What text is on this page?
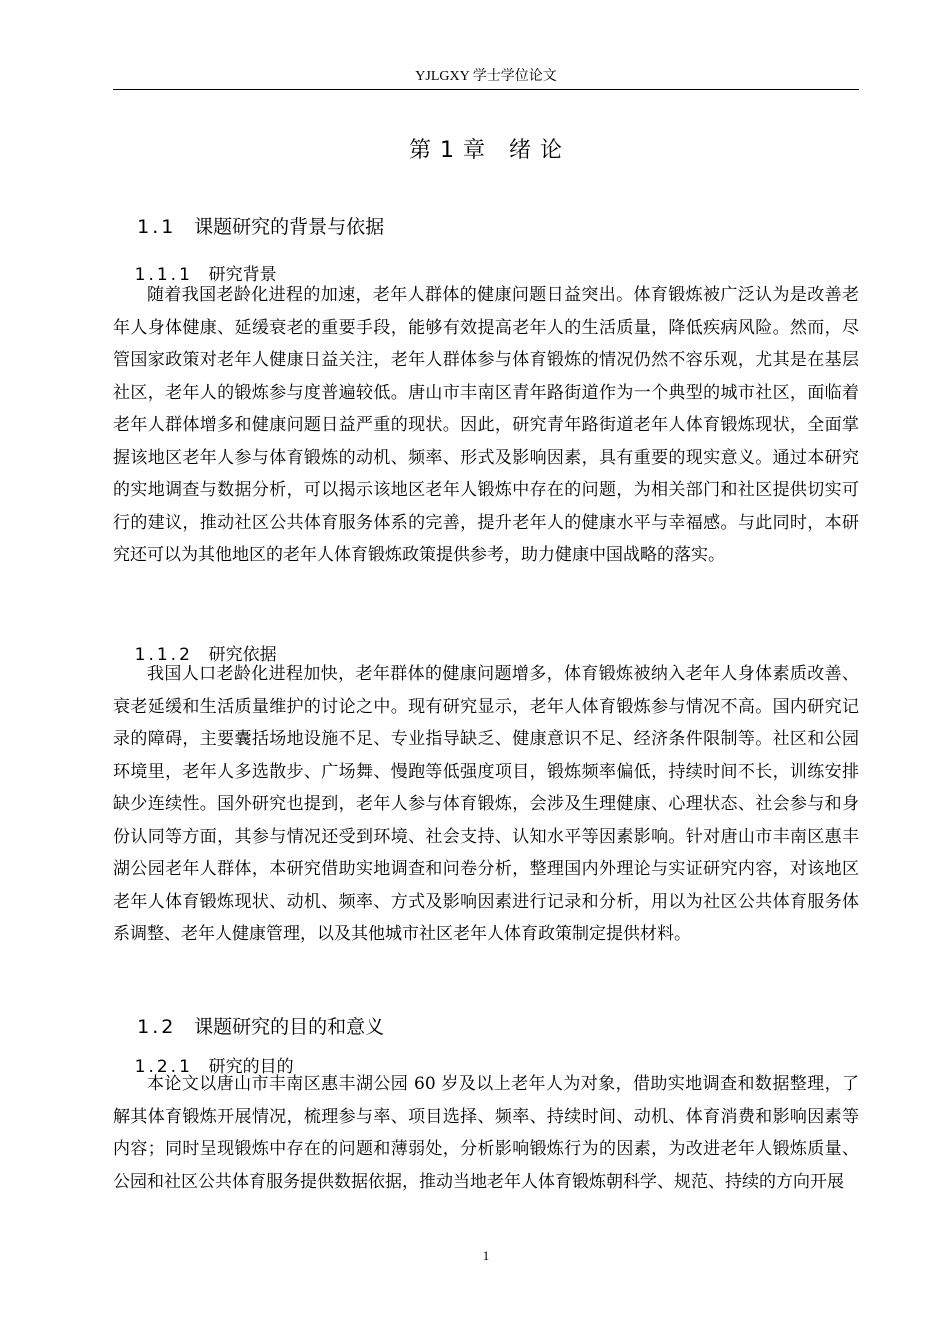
YJLGXY 学士学位论文
第 1 章　绪 论

1.1 课题研究的背景与依据

1.1.1 研究背景

随着我国老龄化进程的加速，老年人群体的健康问题日益突出。体育锻炼被广泛认为是改善老年人身体健康、延缓衰老的重要手段，能够有效提高老年人的生活质量，降低疾病风险。然而，尽管国家政策对老年人健康日益关注，老年人群体参与体育锻炼的情况仍然不容乐观，尤其是在基层社区，老年人的锻炼参与度普遍较低。唐山市丰南区青年路街道作为一个典型的城市社区，面临着老年人群体增多和健康问题日益严重的现状。因此，研究青年路街道老年人体育锻炼现状，全面掌握该地区老年人参与体育锻炼的动机、频率、形式及影响因素，具有重要的现实意义。通过本研究的实地调查与数据分析，可以揭示该地区老年人锻炼中存在的问题，为相关部门和社区提供切实可行的建议，推动社区公共体育服务体系的完善，提升老年人的健康水平与幸福感。与此同时，本研究还可以为其他地区的老年人体育锻炼政策提供参考，助力健康中国战略的落实。

1.1.2 研究依据

我国人口老龄化进程加快，老年群体的健康问题增多，体育锻炼被纳入老年人身体素质改善、衰老延缓和生活质量维护的讨论之中。现有研究显示，老年人体育锻炼参与情况不高。国内研究记录的障碍，主要囊括场地设施不足、专业指导缺乏、健康意识不足、经济条件限制等。社区和公园环境里，老年人多选散步、广场舞、慢跑等低强度项目，锻炼频率偏低，持续时间不长，训练安排缺少连续性。国外研究也提到，老年人参与体育锻炼，会涉及生理健康、心理状态、社会参与和身份认同等方面，其参与情况还受到环境、社会支持、认知水平等因素影响。针对唐山市丰南区惠丰湖公园老年人群体，本研究借助实地调查和问卷分析，整理国内外理论与实证研究内容，对该地区老年人体育锻炼现状、动机、频率、方式及影响因素进行记录和分析，用以为社区公共体育服务体系调整、老年人健康管理，以及其他城市社区老年人体育政策制定提供材料。

1.2 课题研究的目的和意义

1.2.1 研究的目的

本论文以唐山市丰南区惠丰湖公园 60 岁及以上老年人为对象，借助实地调查和数据整理，了解其体育锻炼开展情况，梳理参与率、项目选择、频率、持续时间、动机、体育消费和影响因素等内容；同时呈现锻炼中存在的问题和薄弱处，分析影响锻炼行为的因素，为改进老年人锻炼质量、公园和社区公共体育服务提供数据依据，推动当地老年人体育锻炼朝科学、规范、持续的方向开展

1
